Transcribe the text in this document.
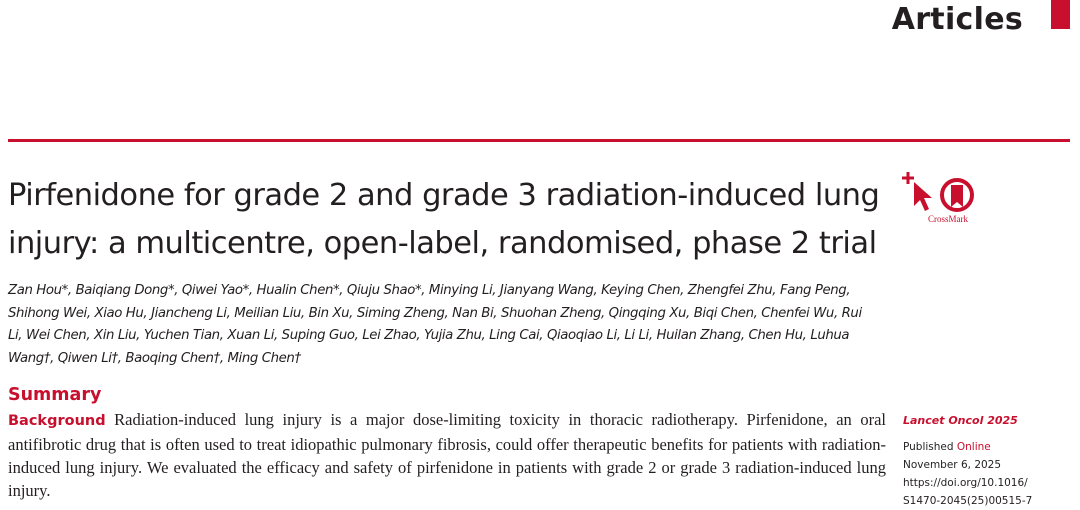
Articles
Pirfenidone for grade 2 and grade 3 radiation-induced lung injury: a multicentre, open-label, randomised, phase 2 trial
CrossMark

Zan Hou*, Baiqiang Dong*, Qiwei Yao*, Hualin Chen*, Qiuju Shao*, Minying Li, Jianyang Wang, Keying Chen, Zhengfei Zhu, Fang Peng, Shihong Wei, Xiao Hu, Jiancheng Li, Meilian Liu, Bin Xu, Siming Zheng, Nan Bi, Shuohan Zheng, Qingqing Xu, Biqi Chen, Chenfei Wu, Rui Li, Wei Chen, Xin Liu, Yuchen Tian, Xuan Li, Suping Guo, Lei Zhao, Yujia Zhu, Ling Cai, Qiaoqiao Li, Li Li, Huilan Zhang, Chen Hu, Luhua Wang†, Qiwen Li†, Baoqing Chen†, Ming Chen†

Summary

Background Radiation-induced lung injury is a major dose-limiting toxicity in thoracic radiotherapy. Pirfenidone, an oral antifibrotic drug that is often used to treat idiopathic pulmonary fibrosis, could offer therapeutic benefits for patients with radiation-induced lung injury. We evaluated the efficacy and safety of pirfenidone in patients with grade 2 or grade 3 radiation-induced lung injury.

Lancet Oncol 2025
Published Online
November 6, 2025
https://doi.org/10.1016/
S1470-2045(25)00515-7
